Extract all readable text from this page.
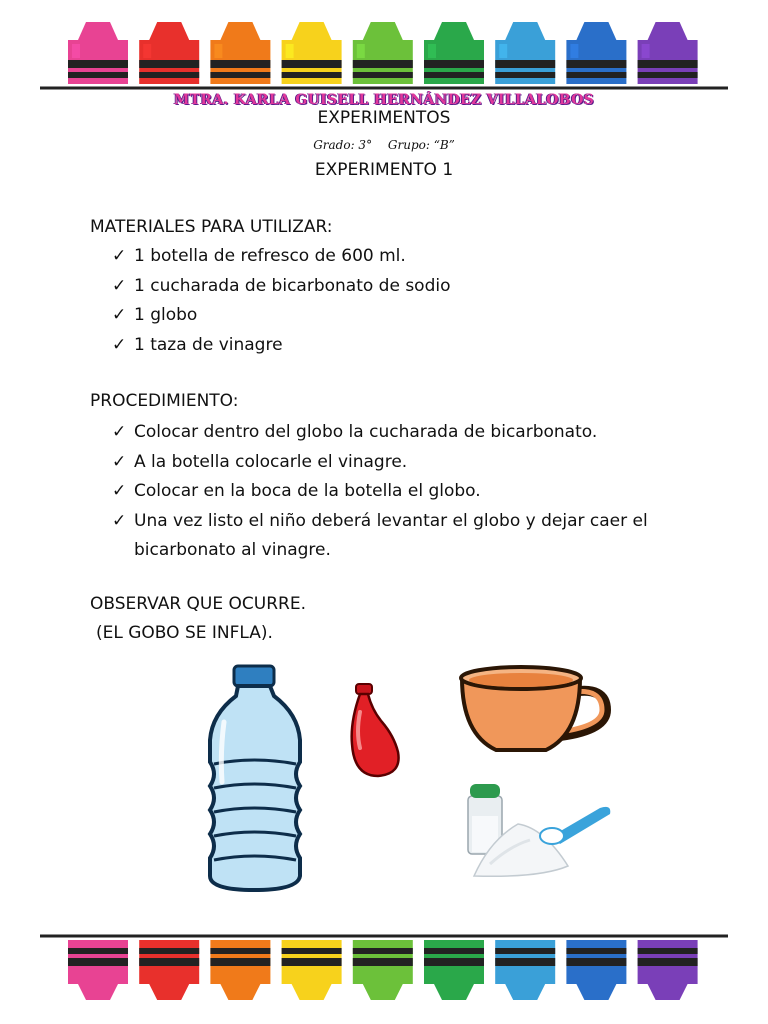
MTRA. KARLA GUISELL HERNÁNDEZ VILLALOBOS
EXPERIMENTOS
Grado: 3° Grupo: “B”
EXPERIMENTO 1
MATERIALES PARA UTILIZAR:
✓ 1 botella de refresco de 600 ml.
✓ 1 cucharada de bicarbonato de sodio
✓ 1 globo
✓ 1 taza de vinagre
PROCEDIMIENTO:
✓ Colocar dentro del globo la cucharada de bicarbonato.
✓ A la botella colocarle el vinagre.
✓ Colocar en la boca de la botella el globo.
✓ Una vez listo el niño deberá levantar el globo y dejar caer el
bicarbonato al vinagre.
OBSERVAR QUE OCURRE.
(EL GOBO SE INFLA).
